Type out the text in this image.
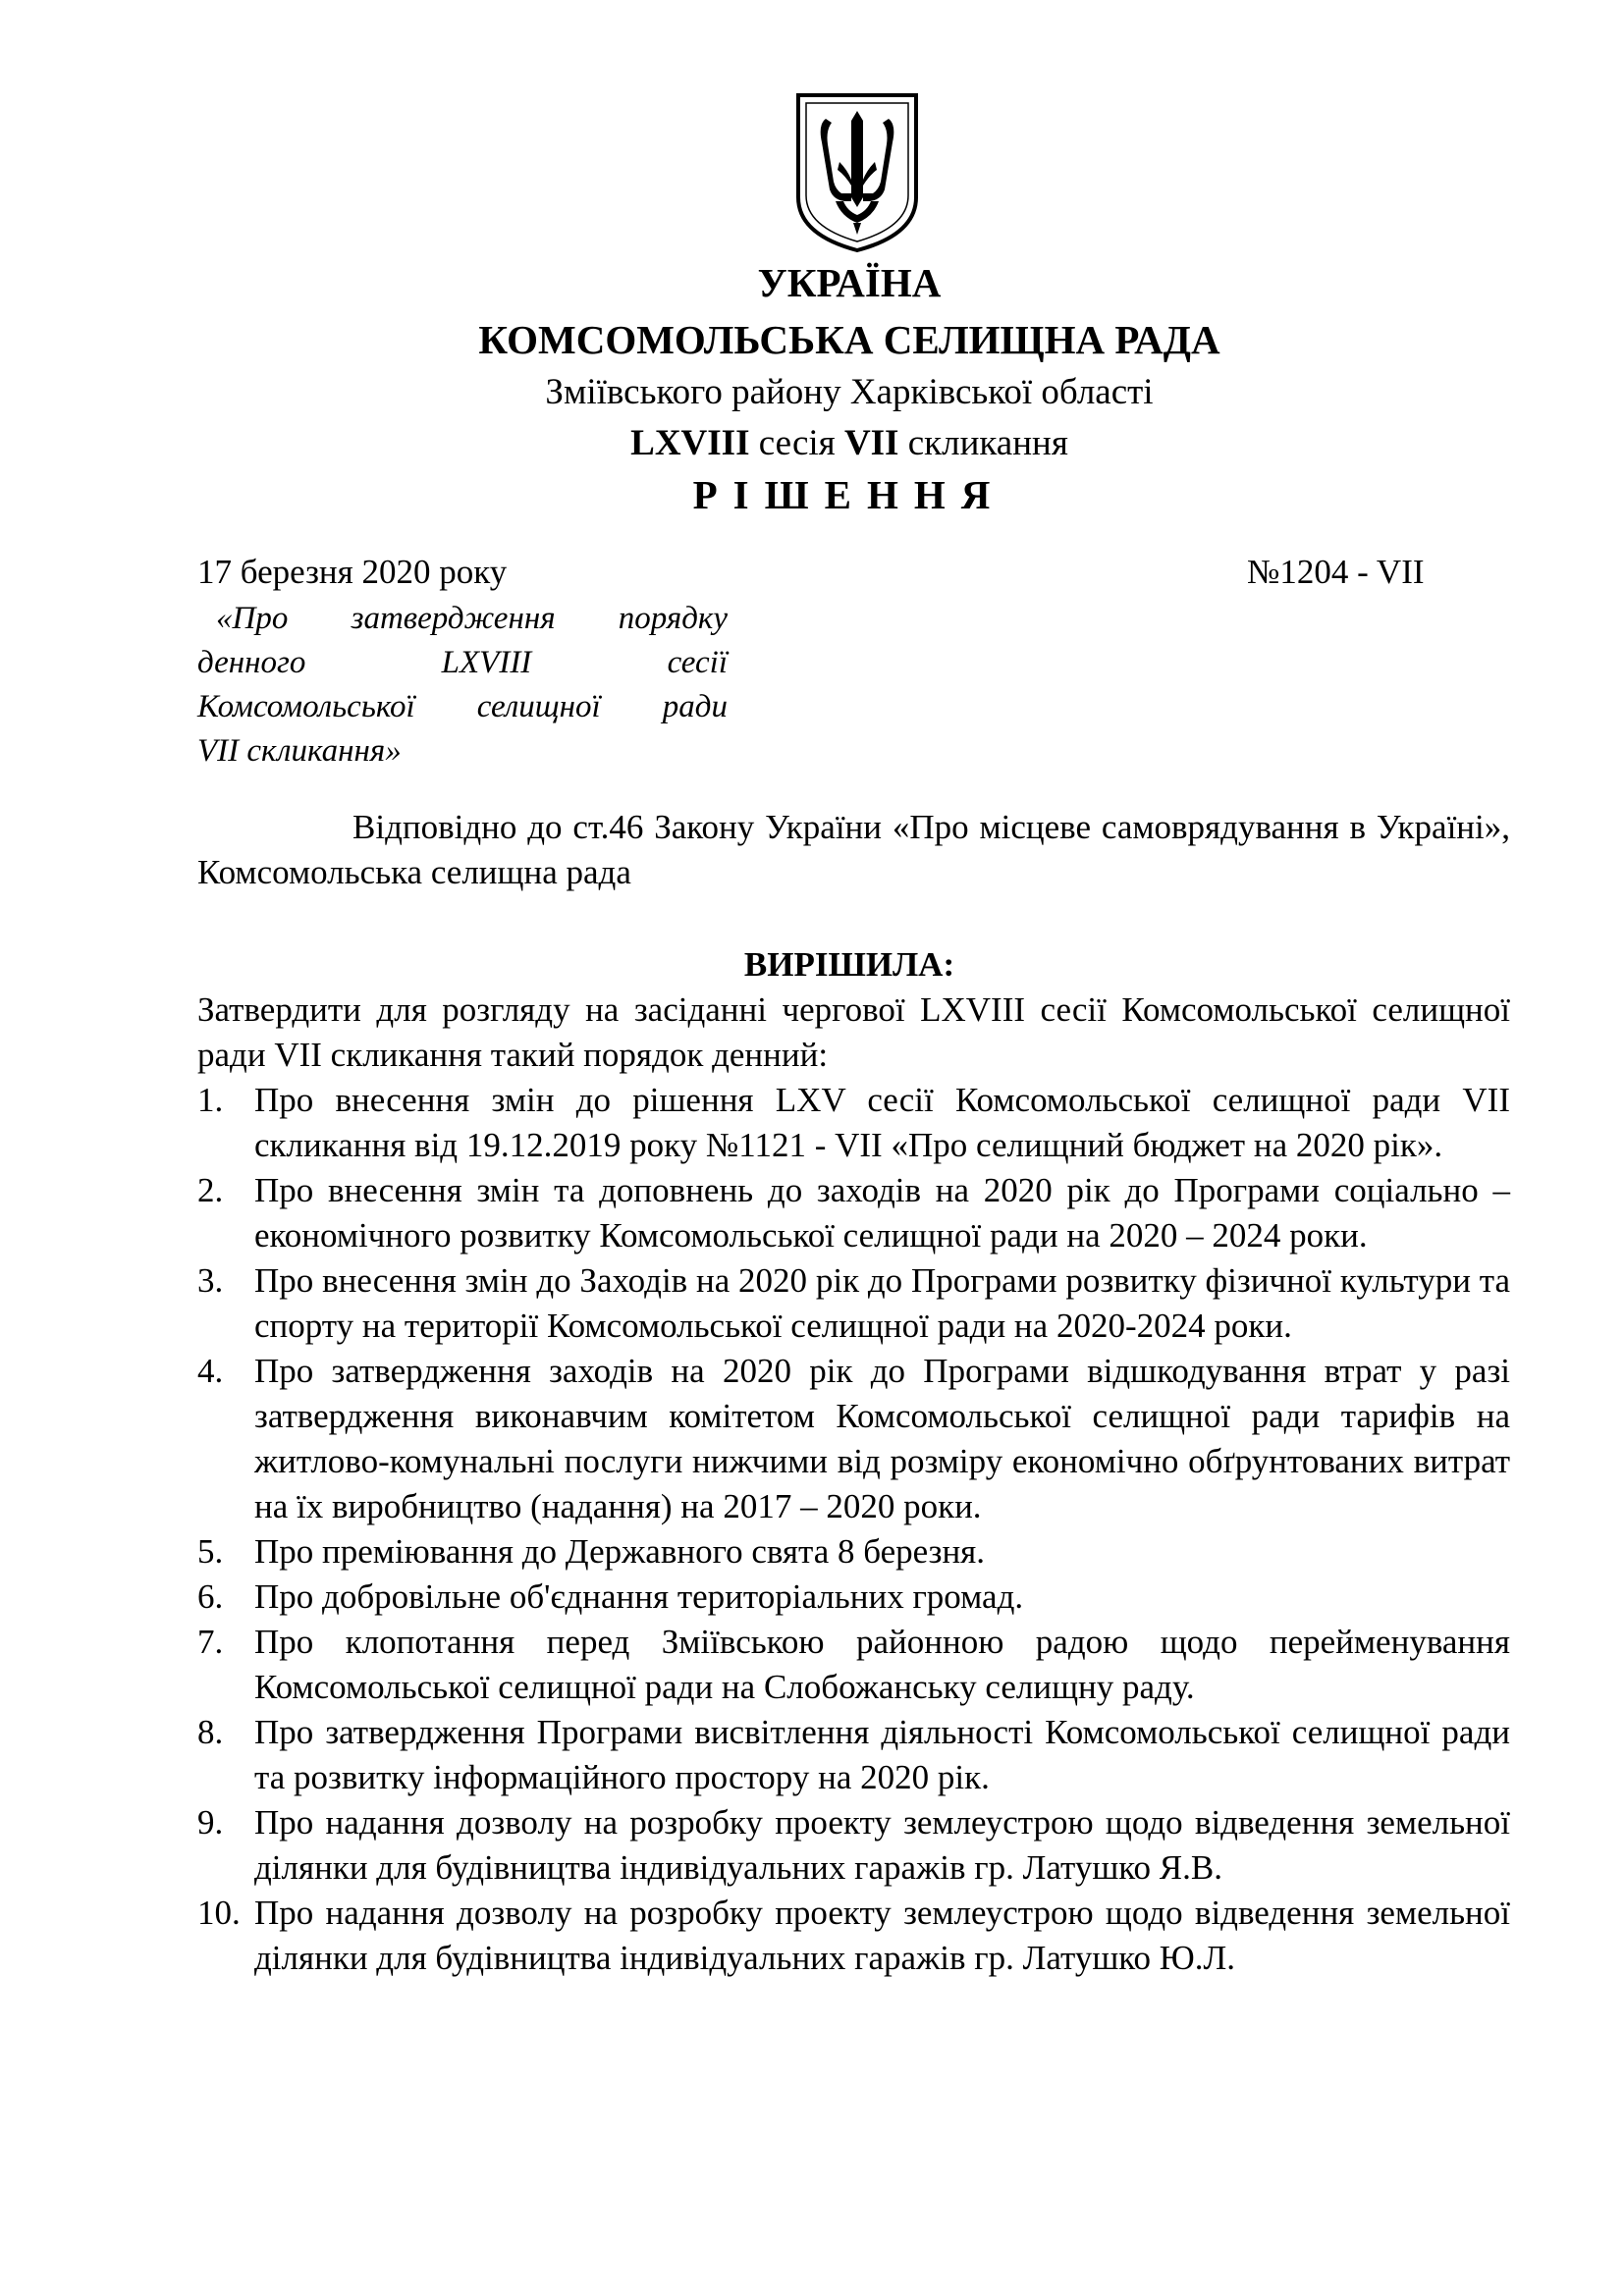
УКРАЇНА
КОМСОМОЛЬСЬКА СЕЛИЩНА РАДА
Зміївського району Харківської області
LXVIII сесія VII скликання
РІШЕННЯ
17 березня 2020 року	№1204 - VII
«Про затвердження порядку
денного LXVIII сесії
Комсомольської селищної ради
VII скликання»

Відповідно до ст.46 Закону України «Про місцеве самоврядування в Україні», Комсомольська селищна рада

ВИРІШИЛА:

Затвердити для розгляду на засіданні чергової LXVIII сесії Комсомольської селищної ради VII скликання такий порядок денний:

1. Про внесення змін до рішення LXV сесії Комсомольської селищної ради VII скликання від 19.12.2019 року №1121 - VII «Про селищний бюджет на 2020 рік».
2. Про внесення змін та доповнень до заходів на 2020 рік до Програми соціально – економічного розвитку Комсомольської селищної ради на 2020 – 2024 роки.
3. Про внесення змін до Заходів на 2020 рік до Програми розвитку фізичної культури та спорту на території Комсомольської селищної ради на 2020-2024 роки.
4. Про затвердження заходів на 2020 рік до Програми відшкодування втрат у разі затвердження виконавчим комітетом Комсомольської селищної ради тарифів на житлово-комунальні послуги нижчими від розміру економічно обґрунтованих витрат на їх виробництво (надання) на 2017 – 2020 роки.
5. Про преміювання до Державного свята 8 березня.
6. Про добровільне об'єднання територіальних громад.
7. Про клопотання перед Зміївською районною радою щодо перейменування Комсомольської селищної ради на Слобожанську селищну раду.
8. Про затвердження Програми висвітлення діяльності Комсомольської селищної ради та розвитку інформаційного простору на 2020 рік.
9. Про надання дозволу на розробку проекту землеустрою щодо відведення земельної ділянки для будівництва індивідуальних гаражів гр. Латушко Я.В.
10. Про надання дозволу на розробку проекту землеустрою щодо відведення земельної ділянки для будівництва індивідуальних гаражів гр. Латушко Ю.Л.
